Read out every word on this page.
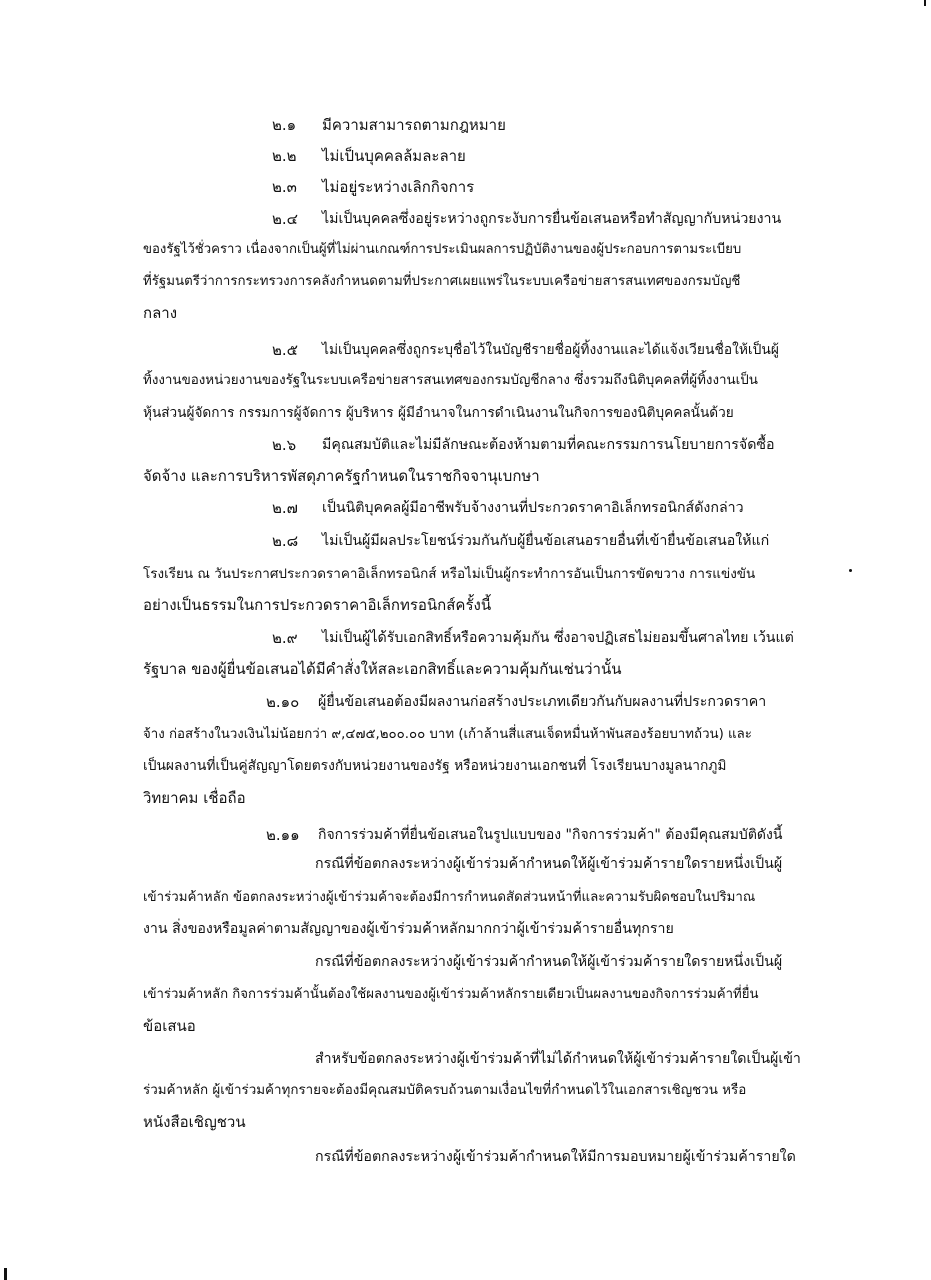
๒.๑ มีความสามารถตามกฎหมาย
๒.๒ ไม่เป็นบุคคลล้มละลาย
๒.๓ ไม่อยู่ระหว่างเลิกกิจการ
๒.๔ ไม่เป็นบุคคลซึ่งอยู่ระหว่างถูกระงับการยื่นข้อเสนอหรือทำสัญญากับหน่วยงาน
ของรัฐไว้ชั่วคราว เนื่องจากเป็นผู้ที่ไม่ผ่านเกณฑ์การประเมินผลการปฏิบัติงานของผู้ประกอบการตามระเบียบ
ที่รัฐมนตรีว่าการกระทรวงการคลังกำหนดตามที่ประกาศเผยแพร่ในระบบเครือข่ายสารสนเทศของกรมบัญชี
กลาง
๒.๕ ไม่เป็นบุคคลซึ่งถูกระบุชื่อไว้ในบัญชีรายชื่อผู้ทิ้งงานและได้แจ้งเวียนชื่อให้เป็นผู้
ทิ้งงานของหน่วยงานของรัฐในระบบเครือข่ายสารสนเทศของกรมบัญชีกลาง ซึ่งรวมถึงนิติบุคคลที่ผู้ทิ้งงานเป็น
หุ้นส่วนผู้จัดการ กรรมการผู้จัดการ ผู้บริหาร ผู้มีอำนาจในการดำเนินงานในกิจการของนิติบุคคลนั้นด้วย
๒.๖ มีคุณสมบัติและไม่มีลักษณะต้องห้ามตามที่คณะกรรมการนโยบายการจัดซื้อ
จัดจ้าง และการบริหารพัสดุภาครัฐกำหนดในราชกิจจานุเบกษา
๒.๗ เป็นนิติบุคคลผู้มีอาชีพรับจ้างงานที่ประกวดราคาอิเล็กทรอนิกส์ดังกล่าว
๒.๘ ไม่เป็นผู้มีผลประโยชน์ร่วมกันกับผู้ยื่นข้อเสนอรายอื่นที่เข้ายื่นข้อเสนอให้แก่
โรงเรียน ณ วันประกาศประกวดราคาอิเล็กทรอนิกส์ หรือไม่เป็นผู้กระทำการอันเป็นการขัดขวาง การแข่งขัน
อย่างเป็นธรรมในการประกวดราคาอิเล็กทรอนิกส์ครั้งนี้
๒.๙ ไม่เป็นผู้ได้รับเอกสิทธิ์หรือความคุ้มกัน ซึ่งอาจปฏิเสธไม่ยอมขึ้นศาลไทย เว้นแต่
รัฐบาล ของผู้ยื่นข้อเสนอได้มีคำสั่งให้สละเอกสิทธิ์และความคุ้มกันเช่นว่านั้น
๒.๑๐ ผู้ยื่นข้อเสนอต้องมีผลงานก่อสร้างประเภทเดียวกันกับผลงานที่ประกวดราคา
จ้าง ก่อสร้างในวงเงินไม่น้อยกว่า ๙,๔๗๕,๒๐๐.๐๐ บาท (เก้าล้านสี่แสนเจ็ดหมื่นห้าพันสองร้อยบาทถ้วน) และ
เป็นผลงานที่เป็นคู่สัญญาโดยตรงกับหน่วยงานของรัฐ หรือหน่วยงานเอกชนที่ โรงเรียนบางมูลนากภูมิ
วิทยาคม เชื่อถือ
๒.๑๑ กิจการร่วมค้าที่ยื่นข้อเสนอในรูปแบบของ "กิจการร่วมค้า" ต้องมีคุณสมบัติดังนี้
กรณีที่ข้อตกลงระหว่างผู้เข้าร่วมค้ากำหนดให้ผู้เข้าร่วมค้ารายใดรายหนึ่งเป็นผู้
เข้าร่วมค้าหลัก ข้อตกลงระหว่างผู้เข้าร่วมค้าจะต้องมีการกำหนดสัดส่วนหน้าที่และความรับผิดชอบในปริมาณ
งาน สิ่งของหรือมูลค่าตามสัญญาของผู้เข้าร่วมค้าหลักมากกว่าผู้เข้าร่วมค้ารายอื่นทุกราย
กรณีที่ข้อตกลงระหว่างผู้เข้าร่วมค้ากำหนดให้ผู้เข้าร่วมค้ารายใดรายหนึ่งเป็นผู้
เข้าร่วมค้าหลัก กิจการร่วมค้านั้นต้องใช้ผลงานของผู้เข้าร่วมค้าหลักรายเดียวเป็นผลงานของกิจการร่วมค้าที่ยื่น
ข้อเสนอ
สำหรับข้อตกลงระหว่างผู้เข้าร่วมค้าที่ไม่ได้กำหนดให้ผู้เข้าร่วมค้ารายใดเป็นผู้เข้า
ร่วมค้าหลัก ผู้เข้าร่วมค้าทุกรายจะต้องมีคุณสมบัติครบถ้วนตามเงื่อนไขที่กำหนดไว้ในเอกสารเชิญชวน หรือ
หนังสือเชิญชวน
กรณีที่ข้อตกลงระหว่างผู้เข้าร่วมค้ากำหนดให้มีการมอบหมายผู้เข้าร่วมค้ารายใด
